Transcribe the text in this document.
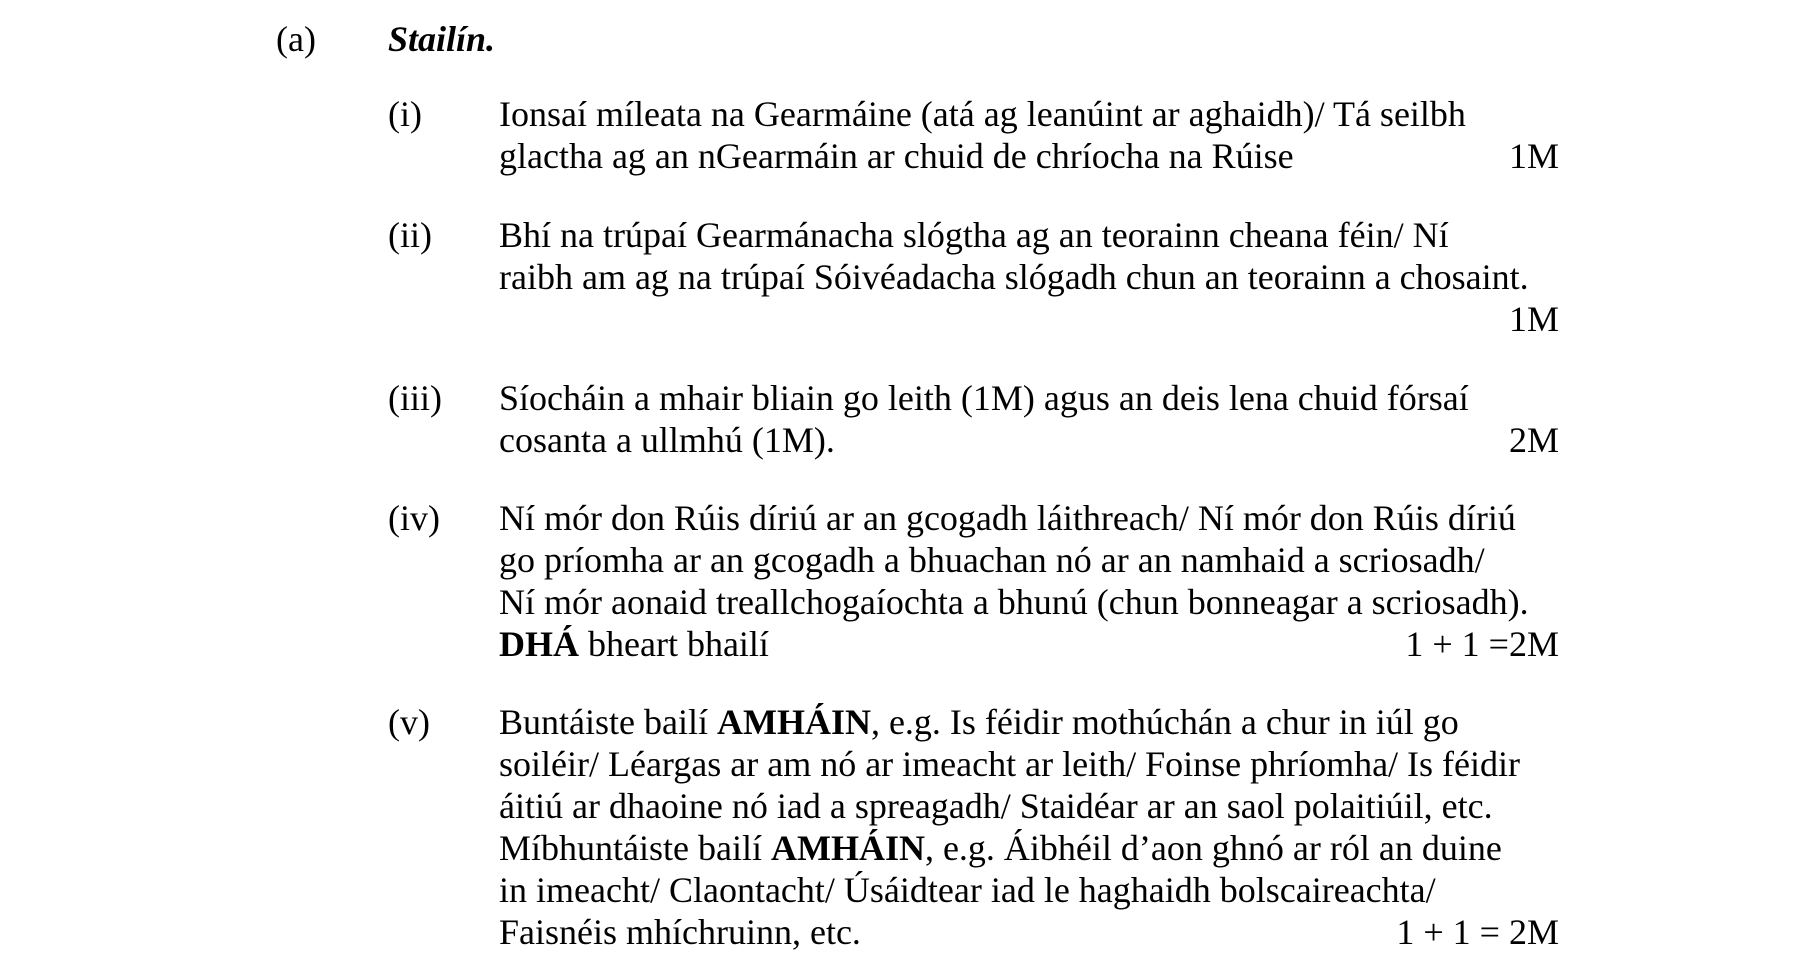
(a) Stailín.
(i) Ionsaí míleata na Gearmáine (atá ag leanúint ar aghaidh)/ Tá seilbh
glactha ag an nGearmáin ar chuid de chríocha na Rúise	1M
(ii) Bhí na trúpaí Gearmánacha slógtha ag an teorainn cheana féin/ Ní
raibh am ag na trúpaí Sóivéadacha slógadh chun an teorainn a chosaint.
1M
(iii) Síocháin a mhair bliain go leith (1M) agus an deis lena chuid fórsaí
cosanta a ullmhú (1M).	2M
(iv) Ní mór don Rúis díriú ar an gcogadh láithreach/ Ní mór don Rúis díriú
go príomha ar an gcogadh a bhuachan nó ar an namhaid a scriosadh/
Ní mór aonaid treallchogaíochta a bhunú (chun bonneagar a scriosadh).
DHÁ bheart bhailí	1 + 1 =2M
(v) Buntáiste bailí AMHÁIN, e.g. Is féidir mothúchán a chur in iúl go
soiléir/ Léargas ar am nó ar imeacht ar leith/ Foinse phríomha/ Is féidir
áitiú ar dhaoine nó iad a spreagadh/ Staidéar ar an saol polaitiúil, etc.
Míbhuntáiste bailí AMHÁIN, e.g. Áibhéil d’aon ghnó ar ról an duine
in imeacht/ Claontacht/ Úsáidtear iad le haghaidh bolscaireachta/
Faisnéis mhíchruinn, etc.	1 + 1 = 2M
